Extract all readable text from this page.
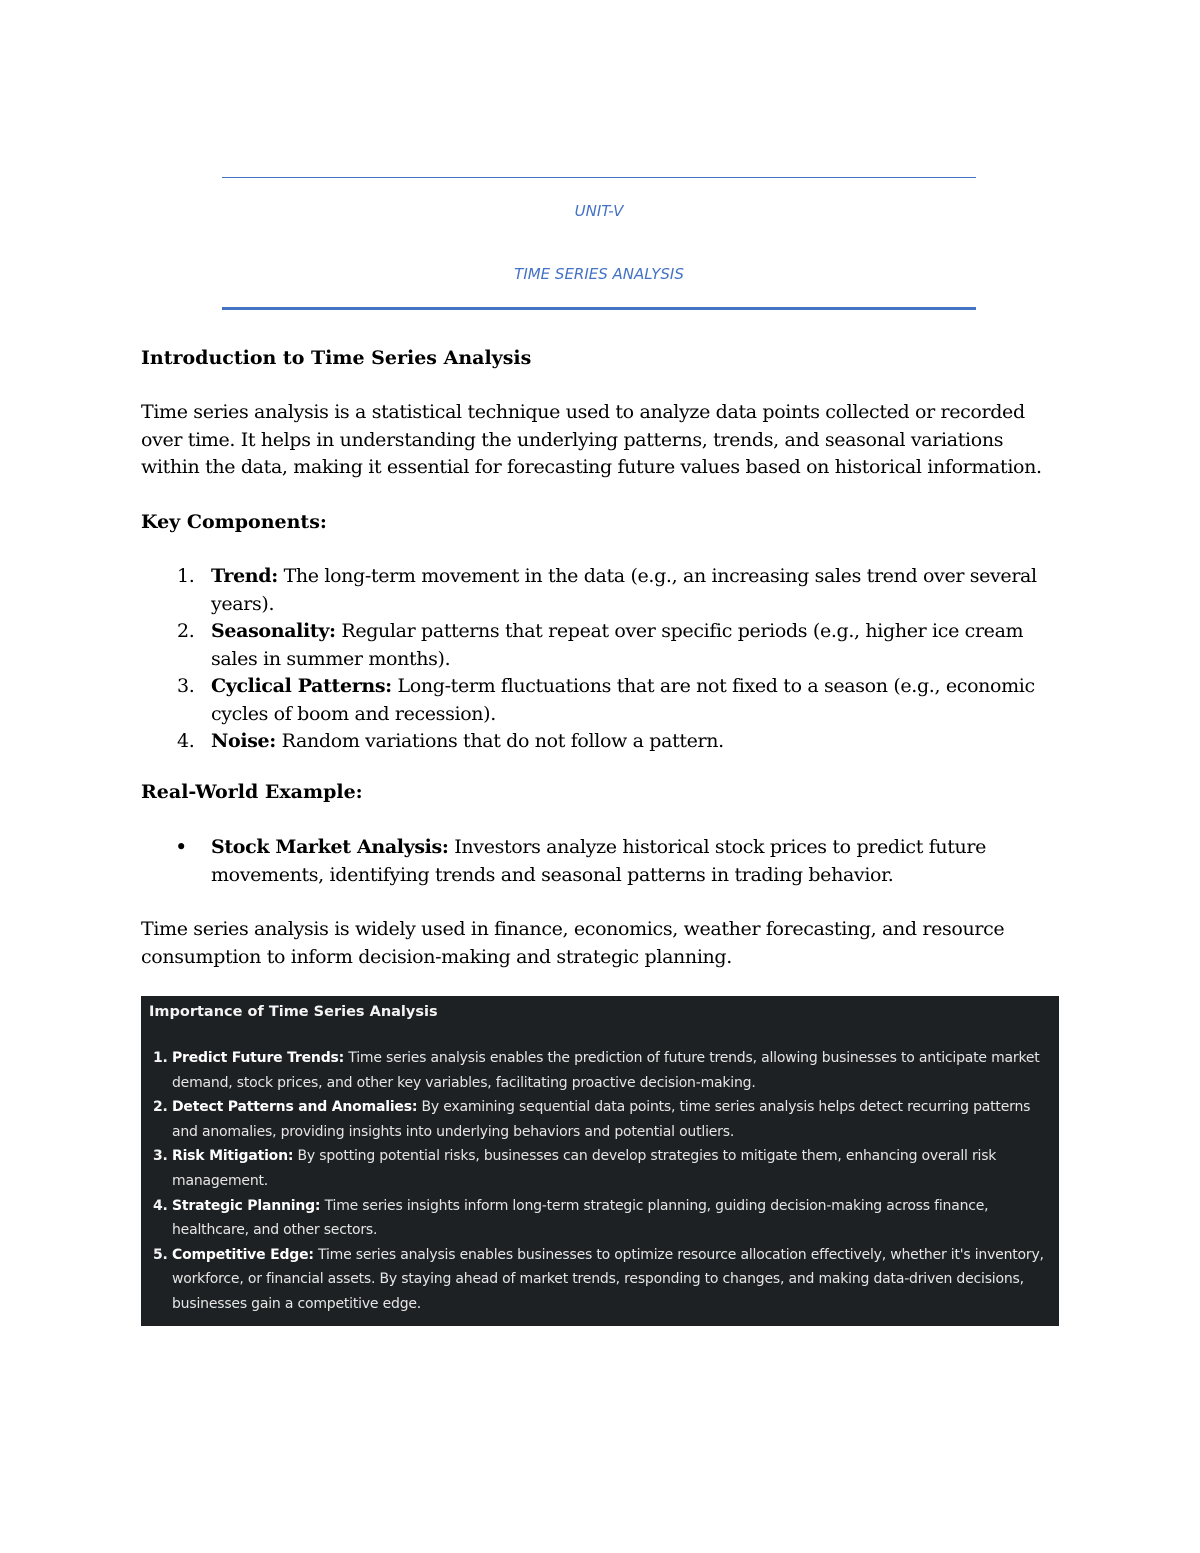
UNIT-V
TIME SERIES ANALYSIS
Introduction to Time Series Analysis
Time series analysis is a statistical technique used to analyze data points collected or recorded over time. It helps in understanding the underlying patterns, trends, and seasonal variations within the data, making it essential for forecasting future values based on historical information.
Key Components:
1. Trend: The long-term movement in the data (e.g., an increasing sales trend over several years).
2. Seasonality: Regular patterns that repeat over specific periods (e.g., higher ice cream sales in summer months).
3. Cyclical Patterns: Long-term fluctuations that are not fixed to a season (e.g., economic cycles of boom and recession).
4. Noise: Random variations that do not follow a pattern.
Real-World Example:
• Stock Market Analysis: Investors analyze historical stock prices to predict future movements, identifying trends and seasonal patterns in trading behavior.
Time series analysis is widely used in finance, economics, weather forecasting, and resource consumption to inform decision-making and strategic planning.
Importance of Time Series Analysis
1. Predict Future Trends: Time series analysis enables the prediction of future trends, allowing businesses to anticipate market demand, stock prices, and other key variables, facilitating proactive decision-making.
2. Detect Patterns and Anomalies: By examining sequential data points, time series analysis helps detect recurring patterns and anomalies, providing insights into underlying behaviors and potential outliers.
3. Risk Mitigation: By spotting potential risks, businesses can develop strategies to mitigate them, enhancing overall risk management.
4. Strategic Planning: Time series insights inform long-term strategic planning, guiding decision-making across finance, healthcare, and other sectors.
5. Competitive Edge: Time series analysis enables businesses to optimize resource allocation effectively, whether it's inventory, workforce, or financial assets. By staying ahead of market trends, responding to changes, and making data-driven decisions, businesses gain a competitive edge.
